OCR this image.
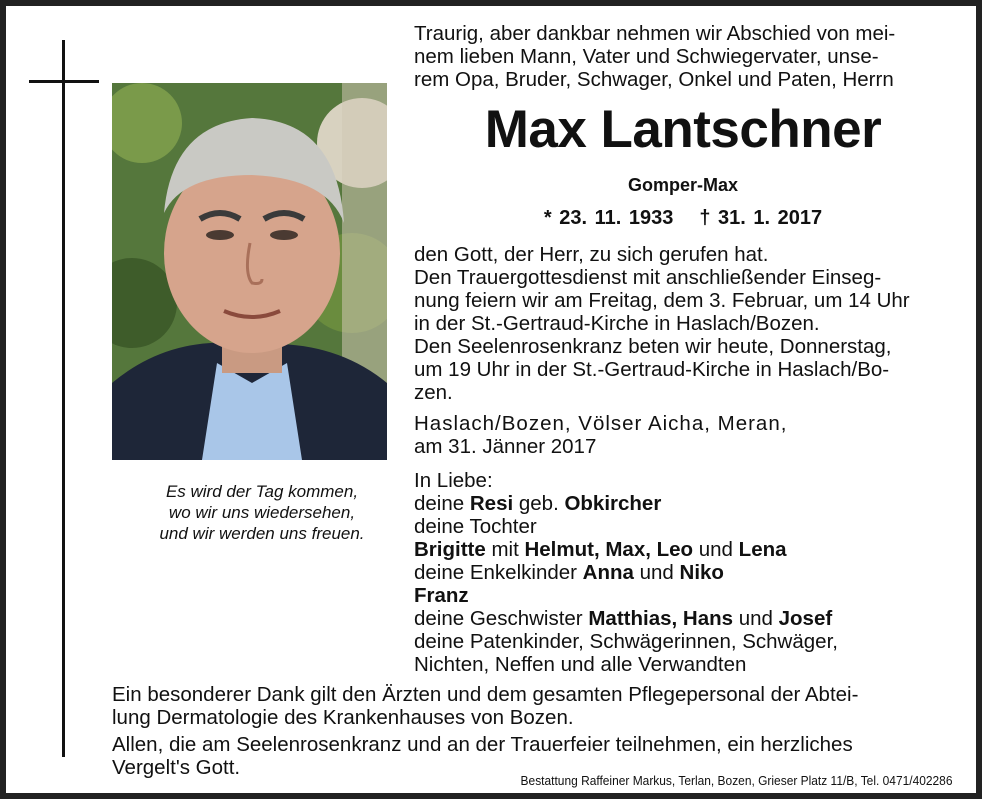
Es wird der Tag kommen,
wo wir uns wiedersehen,
und wir werden uns freuen.
Traurig, aber dankbar nehmen wir Abschied von mei-
nem lieben Mann, Vater und Schwiegervater, unse-
rem Opa, Bruder, Schwager, Onkel und Paten, Herrn
Max Lantschner
Gomper-Max
* 23. 11. 1933 † 31. 1. 2017
den Gott, der Herr, zu sich gerufen hat.
Den Trauergottesdienst mit anschließender Einseg-
nung feiern wir am Freitag, dem 3. Februar, um 14 Uhr
in der St.-Gertraud-Kirche in Haslach/Bozen.
Den Seelenrosenkranz beten wir heute, Donnerstag,
um 19 Uhr in der St.-Gertraud-Kirche in Haslach/Bo-
zen.
Haslach/Bozen, Völser Aicha, Meran,
am 31. Jänner 2017
In Liebe:
deine Resi geb. Obkircher
deine Tochter
Brigitte mit Helmut, Max, Leo und Lena
deine Enkelkinder Anna und Niko
Franz
deine Geschwister Matthias, Hans und Josef
deine Patenkinder, Schwägerinnen, Schwäger,
Nichten, Neffen und alle Verwandten
Ein besonderer Dank gilt den Ärzten und dem gesamten Pflegepersonal der Abtei-
lung Dermatologie des Krankenhauses von Bozen.
Allen, die am Seelenrosenkranz und an der Trauerfeier teilnehmen, ein herzliches
Vergelt's Gott.
Bestattung Raffeiner Markus, Terlan, Bozen, Grieser Platz 11/B, Tel. 0471/402286
